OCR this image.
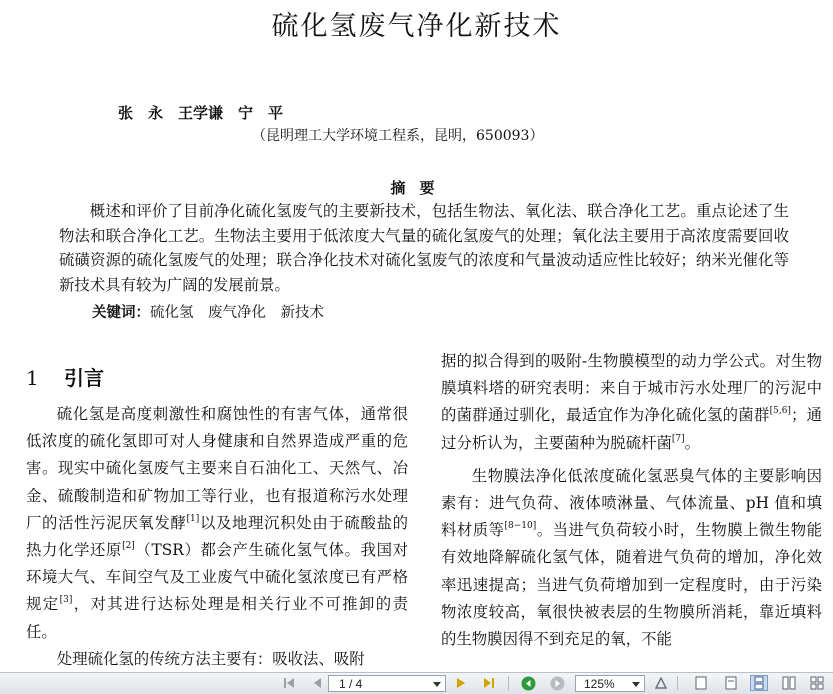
硫化氢废气净化新技术
张　永　王学谦　宁　平
（昆明理工大学环境工程系，昆明，650093）
摘要
概述和评价了目前净化硫化氢废气的主要新技术，包括生物法、氧化法、联合净化工艺。重点论述了生物法和联合净化工艺。生物法主要用于低浓度大气量的硫化氢废气的处理；氧化法主要用于高浓度需要回收硫磺资源的硫化氢废气的处理；联合净化技术对硫化氢废气的浓度和气量波动适应性比较好；纳米光催化等新技术具有较为广阔的发展前景。
关键词：硫化氢　废气净化　新技术
1 引言
硫化氢是高度刺激性和腐蚀性的有害气体，通常很低浓度的硫化氢即可对人身健康和自然界造成严重的危害。现实中硫化氢废气主要来自石油化工、天然气、冶金、硫酸制造和矿物加工等行业，也有报道称污水处理厂的活性污泥厌氧发酵[1]以及地理沉积处由于硫酸盐的热力化学还原[2]（TSR）都会产生硫化氢气体。我国对环境大气、车间空气及工业废气中硫化氢浓度已有严格规定[3]，对其进行达标处理是相关行业不可推卸的责任。
处理硫化氢的传统方法主要有：吸收法、吸附
据的拟合得到的吸附-生物膜模型的动力学公式。对生物膜填料塔的研究表明：来自于城市污水处理厂的污泥中的菌群通过驯化，最适宜作为净化硫化氢的菌群[5,6]；通过分析认为，主要菌种为脱硫杆菌[7]。
生物膜法净化低浓度硫化氢恶臭气体的主要影响因素有：进气负荷、液体喷淋量、气体流量、pH 值和填料材质等[8−10]。当进气负荷较小时，生物膜上微生物能有效地降解硫化氢气体，随着进气负荷的增加，净化效率迅速提高；当进气负荷增加到一定程度时，由于污染物浓度较高，氧很快被表层的生物膜所消耗，靠近填料的生物膜因得不到充足的氧，不能
1 / 4	125%
